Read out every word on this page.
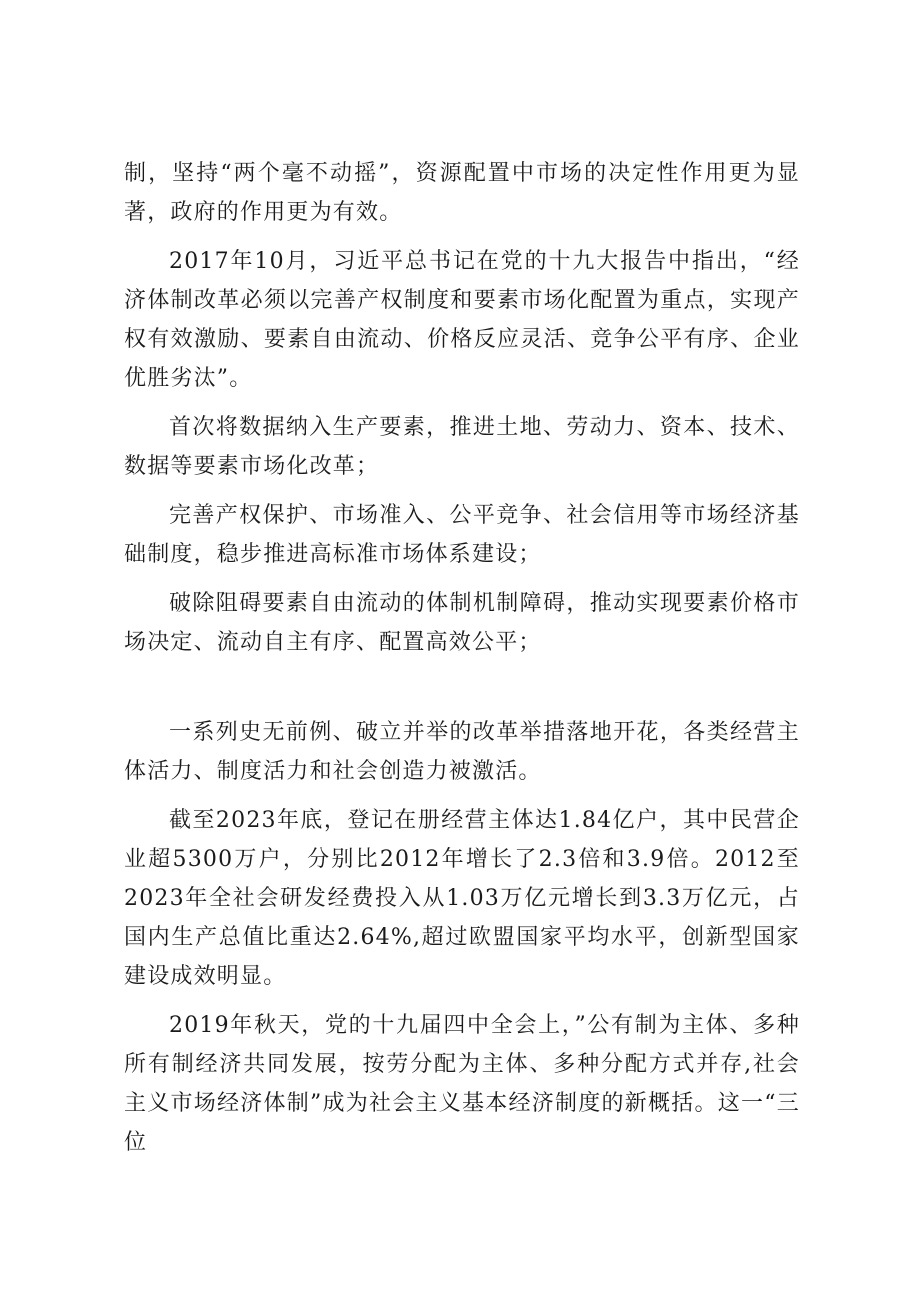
制，坚持“两个毫不动摇”，资源配置中市场的决定性作用更为显著，政府的作用更为有效。

2017年10月，习近平总书记在党的十九大报告中指出，“经济体制改革必须以完善产权制度和要素市场化配置为重点，实现产权有效激励、要素自由流动、价格反应灵活、竞争公平有序、企业优胜劣汰”。

首次将数据纳入生产要素，推进土地、劳动力、资本、技术、数据等要素市场化改革；

完善产权保护、市场准入、公平竞争、社会信用等市场经济基础制度，稳步推进高标准市场体系建设；

破除阻碍要素自由流动的体制机制障碍，推动实现要素价格市场决定、流动自主有序、配置高效公平；

一系列史无前例、破立并举的改革举措落地开花，各类经营主体活力、制度活力和社会创造力被激活。

截至2023年底，登记在册经营主体达1.84亿户，其中民营企业超5300万户，分别比2012年增长了2.3倍和3.9倍。2012至2023年全社会研发经费投入从1.03万亿元增长到3.3万亿元，占国内生产总值比重达2.64%,超过欧盟国家平均水平，创新型国家建设成效明显。

2019年秋天，党的十九届四中全会上，”公有制为主体、多种所有制经济共同发展，按劳分配为主体、多种分配方式并存,社会主义市场经济体制”成为社会主义基本经济制度的新概括。这一“三位
